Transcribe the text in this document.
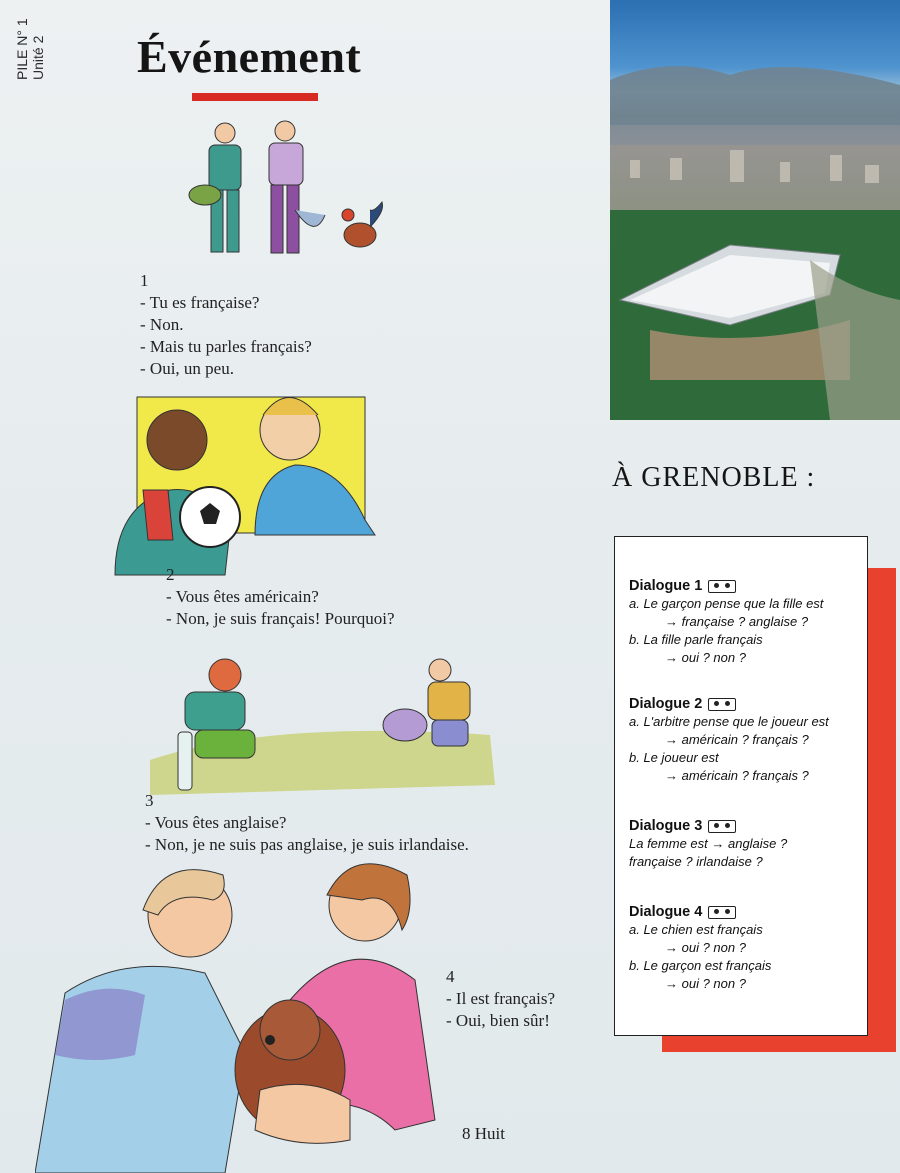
PILE N° 1 Unité 2 Événement
1
- Tu es française?
- Non.
- Mais tu parles français?
- Oui, un peu.
2
- Vous êtes américain?
- Non, je suis français! Pourquoi?
3
- Vous êtes anglaise?
- Non, je ne suis pas anglaise, je suis irlandaise.
4
- Il est français?
- Oui, bien sûr!
À GRENOBLE :
Dialogue 1
a. Le garçon pense que la fille est
→ française ? anglaise ?
b. La fille parle français
→ oui ? non ?
Dialogue 2
a. L'arbitre pense que le joueur est
→ américain ? français ?
b. Le joueur est
→ américain ? français ?
Dialogue 3
La femme est → anglaise ?
française ? irlandaise ?
Dialogue 4
a. Le chien est français
→ oui ? non ?
b. Le garçon est français
→ oui ? non ?
8 Huit
